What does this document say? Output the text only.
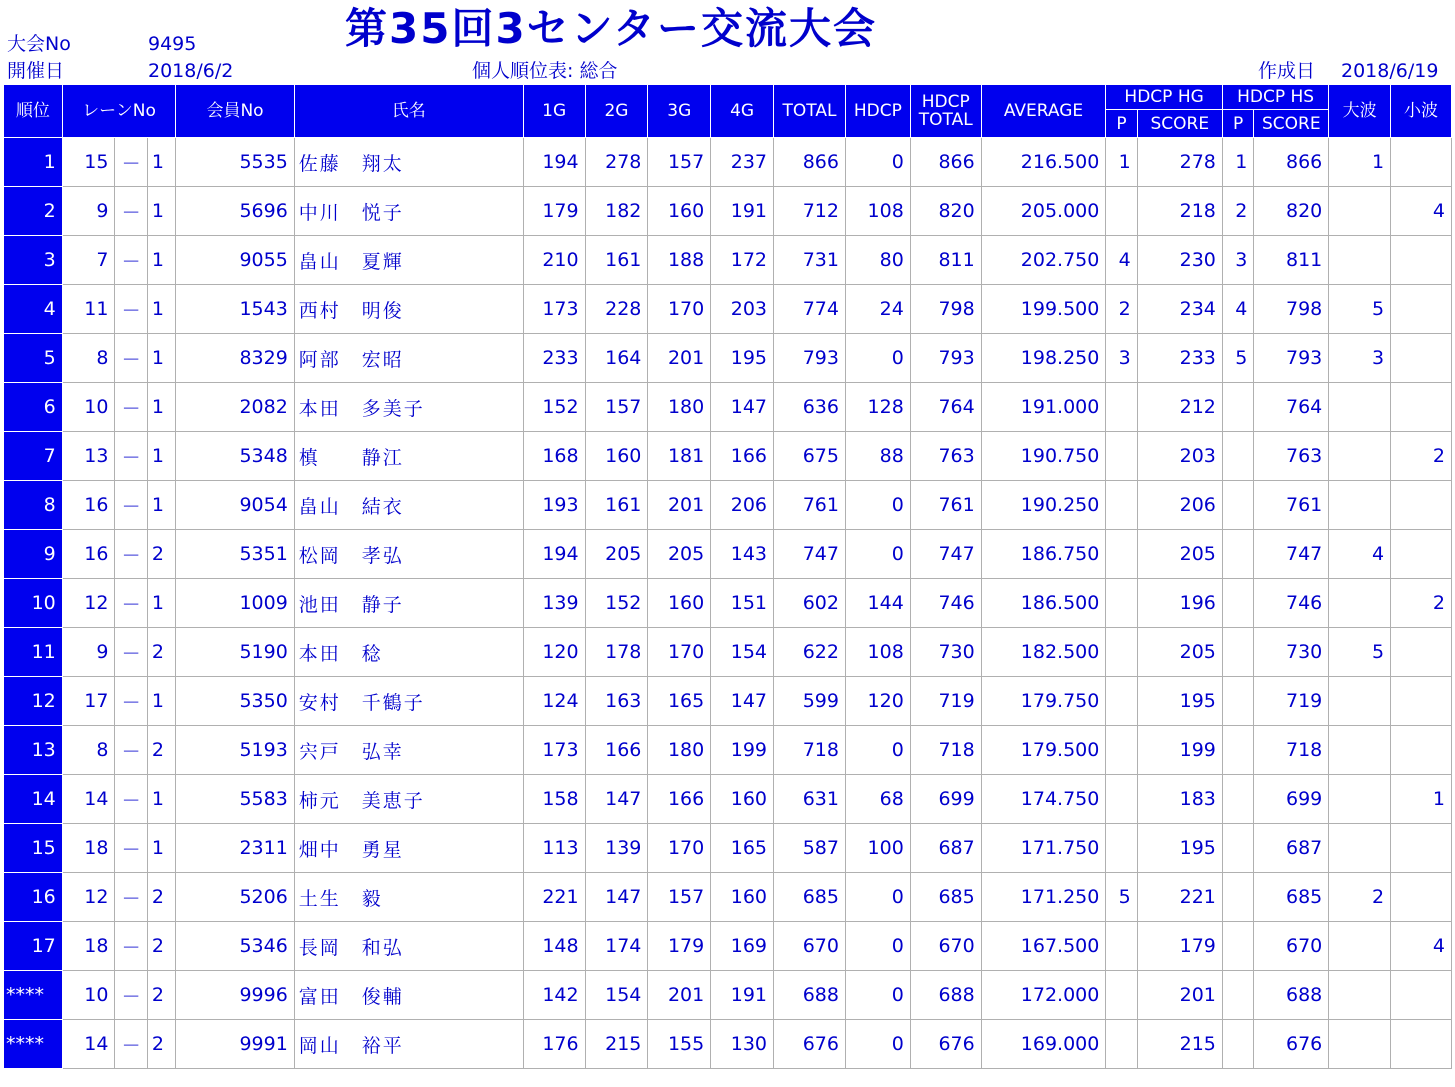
大会No	9495
開催日	2018/6/2
第35回3センター交流大会
個人順位表: 総合	作成日 2018/6/19
順位	レーンNo			会員No	氏名	1G	2G	3G	4G	TOTAL	HDCP	HDCP
TOTAL	AVERAGE	HDCP HG		HDCP HS		大波	小波
														P	SCORE	P	SCORE		
1	15	－	1	5535	佐藤　翔太	194	278	157	237	866	0	866	216.500	1	278	1	866	1	
2	9	－	1	5696	中川　悦子	179	182	160	191	712	108	820	205.000		218	2	820		4
3	7	－	1	9055	畠山　夏輝	210	161	188	172	731	80	811	202.750	4	230	3	811		
4	11	－	1	1543	西村　明俊	173	228	170	203	774	24	798	199.500	2	234	4	798	5	
5	8	－	1	8329	阿部　宏昭	233	164	201	195	793	0	793	198.250	3	233	5	793	3	
6	10	－	1	2082	本田　多美子	152	157	180	147	636	128	764	191.000		212		764		
7	13	－	1	5348	槙　　静江	168	160	181	166	675	88	763	190.750		203		763		2
8	16	－	1	9054	畠山　結衣	193	161	201	206	761	0	761	190.250		206		761		
9	16	－	2	5351	松岡　孝弘	194	205	205	143	747	0	747	186.750		205		747	4	
10	12	－	1	1009	池田　静子	139	152	160	151	602	144	746	186.500		196		746		2
11	9	－	2	5190	本田　稔	120	178	170	154	622	108	730	182.500		205		730	5	
12	17	－	1	5350	安村　千鶴子	124	163	165	147	599	120	719	179.750		195		719		
13	8	－	2	5193	宍戸　弘幸	173	166	180	199	718	0	718	179.500		199		718		
14	14	－	1	5583	柿元　美恵子	158	147	166	160	631	68	699	174.750		183		699		1
15	18	－	1	2311	畑中　勇星	113	139	170	165	587	100	687	171.750		195		687		
16	12	－	2	5206	土生　毅	221	147	157	160	685	0	685	171.250	5	221		685	2	
17	18	－	2	5346	長岡　和弘	148	174	179	169	670	0	670	167.500		179		670		4
****	10	－	2	9996	富田　俊輔	142	154	201	191	688	0	688	172.000		201		688		
****	14	－	2	9991	岡山　裕平	176	215	155	130	676	0	676	169.000		215		676		
